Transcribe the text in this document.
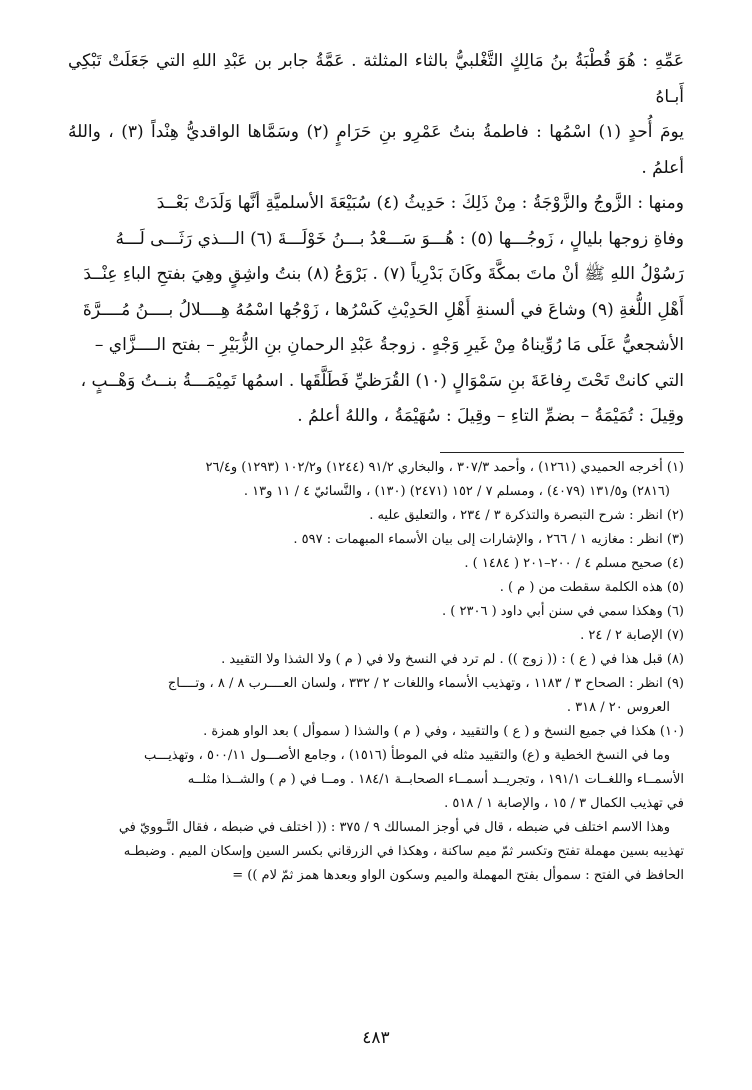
عَمِّهِ : هُوَ قُطْبَةُ بنُ مَالِكٍ التَّغْلبيُّ بالثاء المثلثة . عَمَّةُ جابر بن عَبْدِ اللهِ التي جَعَلَتْ تَبْكِي أَبـاهُ

يومَ أُحدٍ (١) اسْمُها : فاطمةُ بنتُ عَمْرِو بنِ حَرَامٍ (٢) وسَمَّاها الواقديُّ هِنْداً (٣) ، واللهُ أعلمُ .

ومنها : الزَّوجُ والزَّوْجَةُ : مِنْ ذَلِكَ : حَدِيثُ (٤) سُبَيْعَةَ الأسلميَّةِ أنَّها وَلَدَتْ بَعْــدَ

وفاةِ زوجها بليالٍ ، زَوجُـــها (٥) : هُـــوَ سَـــعْدُ بـــنُ خَوْلَـــةَ (٦) الـــذي رَثَـــى لَـــهُ

رَسُوْلُ اللهِ ﷺ أنْ ماتَ بمكَّةَ وكَانَ بَدْرِياً (٧) . بَرْوَعُ (٨) بنتُ واشِقٍ وهِيَ بفتحِ الباءِ عِنْــدَ

أَهْلِ اللُّغةِ (٩) وشاعَ في ألسنةِ أَهْلِ الحَدِيْثِ كَسْرُها ، زَوْجُها اسْمُهُ هِــــلالُ بــــنُ مُــــرَّةَ

الأشجعيُّ عَلَى مَا رُوِّيناهُ مِنْ غَيرِ وَجْهٍ . زوجةُ عَبْدِ الرحمانِ بنِ الزُّبَيْرِ – بفتح الــــزَّاي –

التي كانتْ تَحْتَ رِفاعَةَ بنِ سَمْوَالٍ (١٠) القُرَظيِّ فَطَلَّقَها . اسمُها تَمِيْمَـــةُ بنــتُ وَهْــبٍ ،

وقِيلَ : تُمَيْمَةُ – بضمِّ التاءِ – وقِيلَ : سُهَيْمَةُ ، واللهُ أعلمُ .

(١) أخرجه الحميدي (١٢٦١) ، وأحمد ٣٠٧/٣ ، والبخاري ٩١/٢ (١٢٤٤) و١٠٢/٢ (١٢٩٣) و٢٦/٤
(٢٨١٦) و١٣١/٥ (٤٠٧٩) ، ومسلم ٧ / ١٥٢ (٢٤٧١) (١٣٠) ، والنَّسائيّ ٤ / ١١ و١٣ .
(٢) انظر : شرح التبصرة والتذكرة ٣ / ٢٣٤ ، والتعليق عليه .
(٣) انظر : مغازيه ١ / ٢٦٦ ، والإشارات إلى بيان الأسماء المبهمات : ٥٩٧ .
(٤) صحيح مسلم ٤ / ٢٠٠–٢٠١ ( ١٤٨٤ ) .
(٥) هذه الكلمة سقطت من ( م ) .
(٦) وهكذا سمي في سنن أبي داود ( ٢٣٠٦ ) .
(٧) الإصابة ٢ / ٢٤ .
(٨) قبل هذا في ( ع ) : (( زوج )) . لم ترد في النسخ ولا في ( م ) ولا الشذا ولا التقييد .
(٩) انظر : الصحاح ٣ / ١١٨٣ ، وتهذيب الأسماء واللغات ٢ / ٣٣٢ ، ولسان العــــرب ٨ / ٨ ، وتــــاج
العروس ٢٠ / ٣١٨ .
(١٠) هكذا في جميع النسخ و ( ع ) والتقييد ، وفي ( م ) والشذا ( سموأل ) بعد الواو همزة .
وما في النسخ الخطية و (ع) والتقييد مثله في الموطأ (١٥١٦) ، وجامع الأصـــول ٥٠٠/١١ ، وتهذيـــب
الأسمــاء واللغــات ١٩١/١ ، وتجريــد أسمــاء الصحابــة ١٨٤/١ . ومــا في ( م ) والشــذا مثلــه
في تهذيب الكمال ٣ / ١٥ ، والإصابة ١ / ٥١٨ .
وهذا الاسم اختلف في ضبطه ، قال في أوجز المسالك ٩ / ٣٧٥ : (( اختلف في ضبطه ، فقال النَّـوويّ في
تهذيبه بسين مهملة تفتح وتكسر ثمّ ميم ساكنة ، وهكذا في الزرقاني بكسر السين وإسكان الميم . وضبطـه
الحافظ في الفتح : سموأل بفتح المهملة والميم وسكون الواو وبعدها همز ثمّ لام )) =
٤٨٣
